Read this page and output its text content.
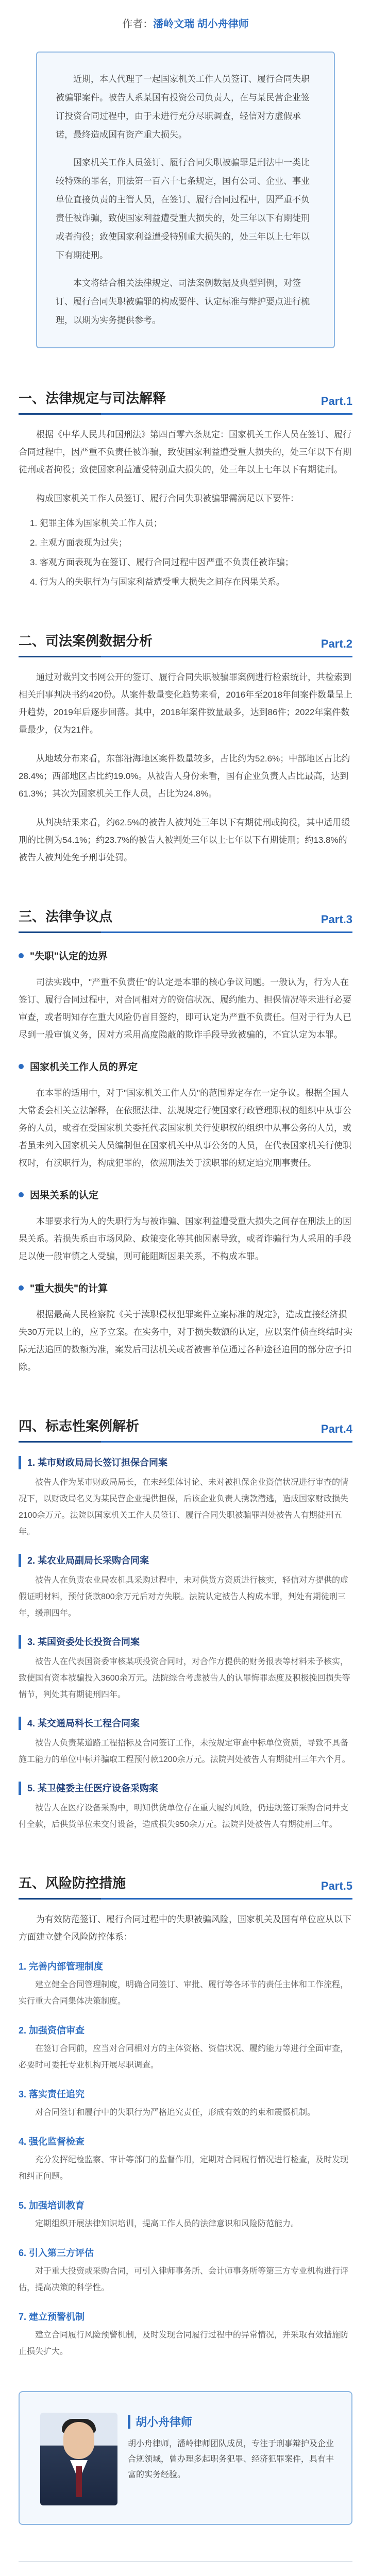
作者：潘岭文瑞 胡小舟律师

近期，本人代理了一起国家机关工作人员签订、履行合同失职被骗罪案件。被告人系某国有投资公司负责人，在与某民营企业签订投资合同过程中，由于未进行充分尽职调查，轻信对方虚假承诺，最终造成国有资产重大损失。

国家机关工作人员签订、履行合同失职被骗罪是刑法中一类比较特殊的罪名，刑法第一百六十七条规定，国有公司、企业、事业单位直接负责的主管人员，在签订、履行合同过程中，因严重不负责任被诈骗，致使国家利益遭受重大损失的，处三年以下有期徒刑或者拘役；致使国家利益遭受特别重大损失的，处三年以上七年以下有期徒刑。

本文将结合相关法律规定、司法案例数据及典型判例，对签订、履行合同失职被骗罪的构成要件、认定标准与辩护要点进行梳理，以期为实务提供参考。

一、法律规定与司法解释	Part.1

根据《中华人民共和国刑法》第四百零六条规定：国家机关工作人员在签订、履行合同过程中，因严重不负责任被诈骗，致使国家利益遭受重大损失的，处三年以下有期徒刑或者拘役；致使国家利益遭受特别重大损失的，处三年以上七年以下有期徒刑。

构成国家机关工作人员签订、履行合同失职被骗罪需满足以下要件：

1. 犯罪主体为国家机关工作人员；
2. 主观方面表现为过失；
3. 客观方面表现为在签订、履行合同过程中因严重不负责任被诈骗；
4. 行为人的失职行为与国家利益遭受重大损失之间存在因果关系。
二、司法案例数据分析	Part.2

通过对裁判文书网公开的签订、履行合同失职被骗罪案例进行检索统计，共检索到相关刑事判决书约420份。从案件数量变化趋势来看，2016年至2018年间案件数量呈上升趋势，2019年后逐步回落。其中，2018年案件数量最多，达到86件；2022年案件数量最少，仅为21件。

从地域分布来看，东部沿海地区案件数量较多，占比约为52.6%；中部地区占比约28.4%；西部地区占比约19.0%。从被告人身份来看，国有企业负责人占比最高，达到61.3%；其次为国家机关工作人员，占比为24.8%。

从判决结果来看，约62.5%的被告人被判处三年以下有期徒刑或拘役，其中适用缓刑的比例为54.1%；约23.7%的被告人被判处三年以上七年以下有期徒刑；约13.8%的被告人被判处免予刑事处罚。

三、法律争议点	Part.3
"失职"认定的边界

司法实践中，"严重不负责任"的认定是本罪的核心争议问题。一般认为，行为人在签订、履行合同过程中，对合同相对方的资信状况、履约能力、担保情况等未进行必要审查，或者明知存在重大风险仍盲目签约，即可认定为严重不负责任。但对于行为人已尽到一般审慎义务，因对方采用高度隐蔽的欺诈手段导致被骗的，不宜认定为本罪。

国家机关工作人员的界定

在本罪的适用中，对于"国家机关工作人员"的范围界定存在一定争议。根据全国人大常委会相关立法解释，在依照法律、法规规定行使国家行政管理职权的组织中从事公务的人员，或者在受国家机关委托代表国家机关行使职权的组织中从事公务的人员，或者虽未列入国家机关人员编制但在国家机关中从事公务的人员，在代表国家机关行使职权时，有渎职行为，构成犯罪的，依照刑法关于渎职罪的规定追究刑事责任。

因果关系的认定

本罪要求行为人的失职行为与被诈骗、国家利益遭受重大损失之间存在刑法上的因果关系。若损失系由市场风险、政策变化等其他因素导致，或者诈骗行为人采用的手段足以使一般审慎之人受骗，则可能阻断因果关系，不构成本罪。

"重大损失"的计算

根据最高人民检察院《关于渎职侵权犯罪案件立案标准的规定》，造成直接经济损失30万元以上的，应予立案。在实务中，对于损失数额的认定，应以案件侦查终结时实际无法追回的数额为准，案发后司法机关或者被害单位通过各种途径追回的部分应予扣除。

四、标志性案例解析	Part.4
1. 某市财政局局长签订担保合同案

被告人作为某市财政局局长，在未经集体讨论、未对被担保企业资信状况进行审查的情况下，以财政局名义为某民营企业提供担保，后该企业负责人携款潜逃，造成国家财政损失2100余万元。法院以国家机关工作人员签订、履行合同失职被骗罪判处被告人有期徒刑五年。

2. 某农业局副局长采购合同案

被告人在负责农业局农机具采购过程中，未对供货方资质进行核实，轻信对方提供的虚假证明材料，预付货款800余万元后对方失联。法院认定被告人构成本罪，判处有期徒刑三年，缓刑四年。

3. 某国资委处长投资合同案

被告人在代表国资委审核某项投资合同时，对合作方提供的财务报表等材料未予核实，致使国有资本被骗投入3600余万元。法院综合考虑被告人的认罪悔罪态度及积极挽回损失等情节，判处其有期徒刑四年。

4. 某交通局科长工程合同案

被告人负责某道路工程招标及合同签订工作，未按规定审查中标单位资质，导致不具备施工能力的单位中标并骗取工程预付款1200余万元。法院判处被告人有期徒刑三年六个月。

5. 某卫健委主任医疗设备采购案

被告人在医疗设备采购中，明知供货单位存在重大履约风险，仍违规签订采购合同并支付全款，后供货单位未交付设备，造成损失950余万元。法院判处被告人有期徒刑三年。

五、风险防控措施	Part.5

为有效防范签订、履行合同过程中的失职被骗风险，国家机关及国有单位应从以下方面建立健全风险防控体系：

1. 完善内部管理制度

建立健全合同管理制度，明确合同签订、审批、履行等各环节的责任主体和工作流程，实行重大合同集体决策制度。

2. 加强资信审查

在签订合同前，应当对合同相对方的主体资格、资信状况、履约能力等进行全面审查，必要时可委托专业机构开展尽职调查。

3. 落实责任追究

对合同签订和履行中的失职行为严格追究责任，形成有效的约束和震慑机制。

4. 强化监督检查

充分发挥纪检监察、审计等部门的监督作用，定期对合同履行情况进行检查，及时发现和纠正问题。

5. 加强培训教育

定期组织开展法律知识培训，提高工作人员的法律意识和风险防范能力。

6. 引入第三方评估

对于重大投资或采购合同，可引入律师事务所、会计师事务所等第三方专业机构进行评估，提高决策的科学性。

7. 建立预警机制

建立合同履行风险预警机制，及时发现合同履行过程中的异常情况，并采取有效措施防止损失扩大。

胡小舟律师
胡小舟律师，潘岭律师团队成员，专注于刑事辩护及企业合规领域，曾办理多起职务犯罪、经济犯罪案件，具有丰富的实务经验。
